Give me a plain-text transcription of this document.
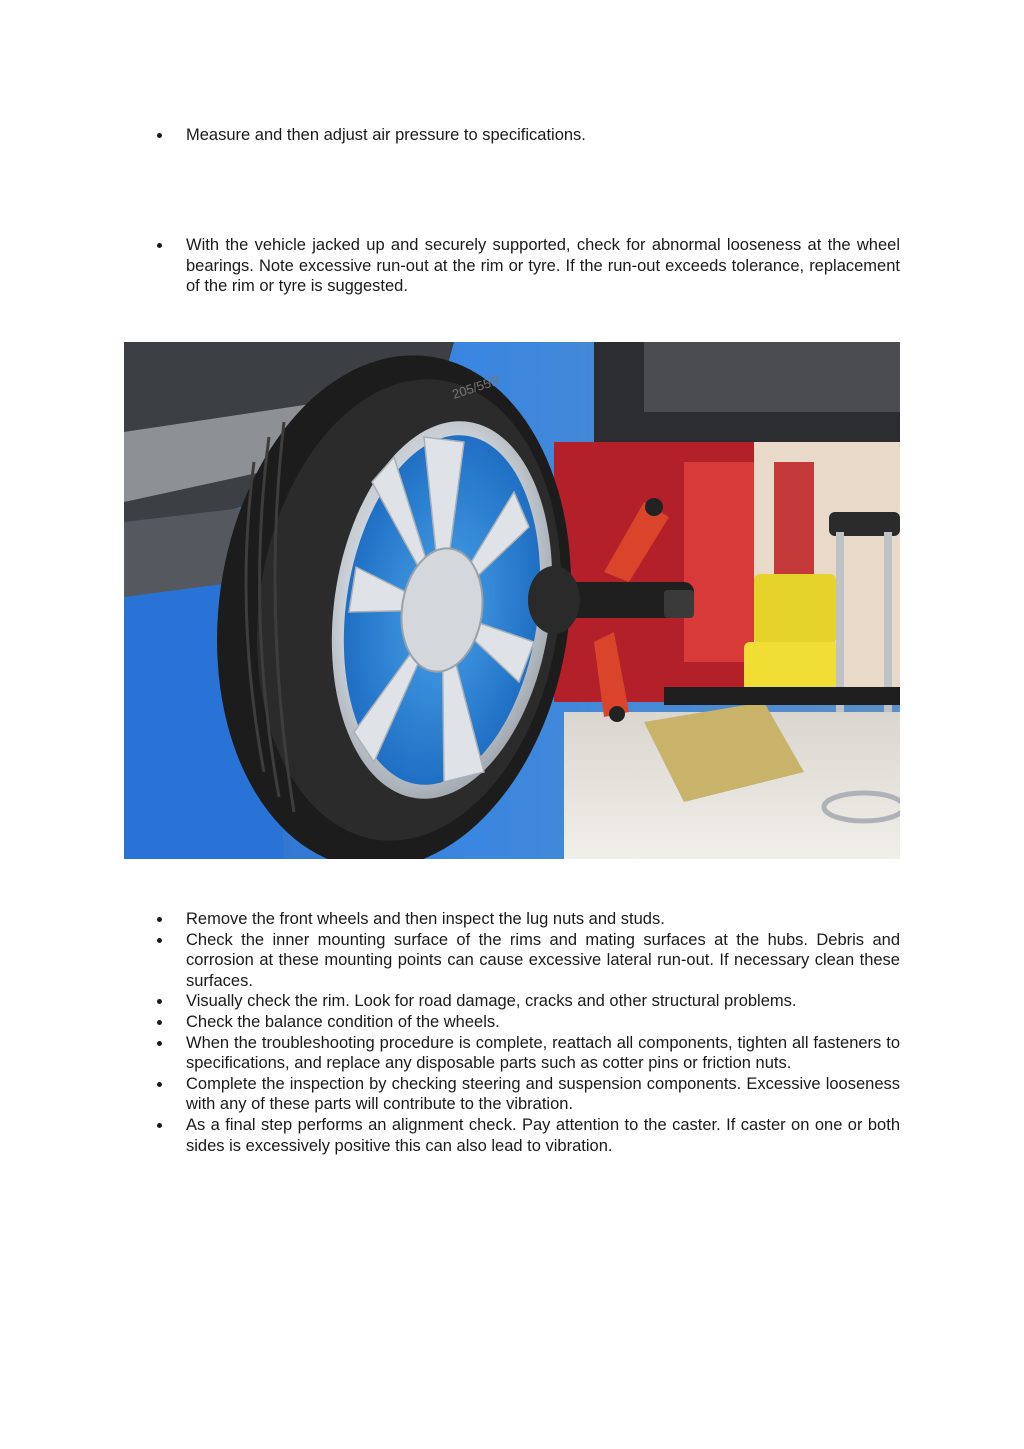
Measure and then adjust air pressure to specifications.
With the vehicle jacked up and securely supported, check for abnormal looseness at the wheel bearings. Note excessive run-out at the rim or tyre. If the run-out exceeds tolerance, replacement of the rim or tyre is suggested.
205/55R
Remove the front wheels and then inspect the lug nuts and studs.
Check the inner mounting surface of the rims and mating surfaces at the hubs. Debris and corrosion at these mounting points can cause excessive lateral run-out. If necessary clean these surfaces.
Visually check the rim. Look for road damage, cracks and other structural problems.
Check the balance condition of the wheels.
When the troubleshooting procedure is complete, reattach all components, tighten all fasteners to specifications, and replace any disposable parts such as cotter pins or friction nuts.
Complete the inspection by checking steering and suspension components. Excessive looseness with any of these parts will contribute to the vibration.
As a final step performs an alignment check. Pay attention to the caster. If caster on one or both sides is excessively positive this can also lead to vibration.
